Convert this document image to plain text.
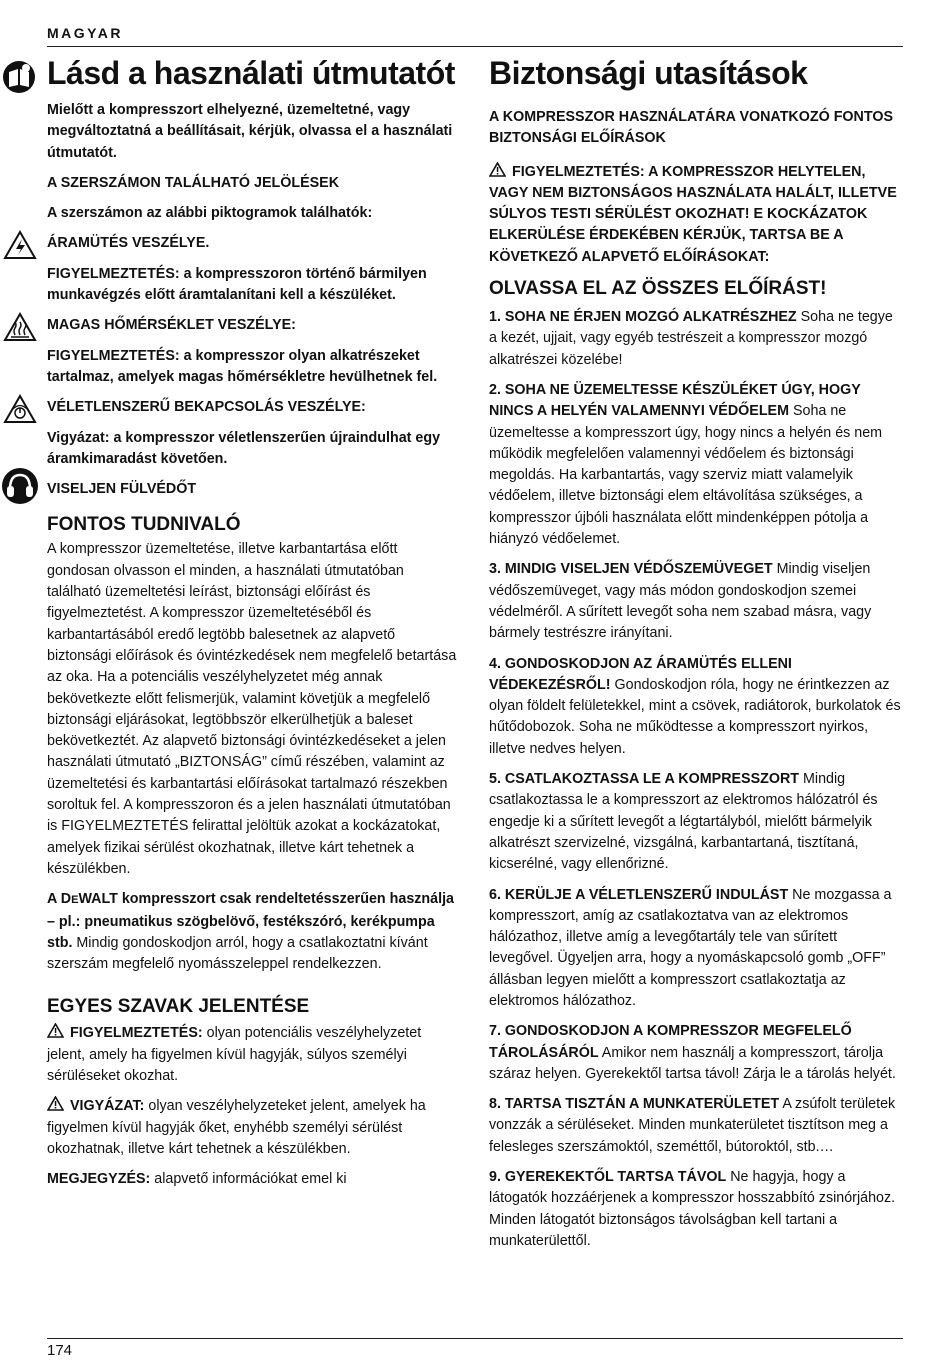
MAGYAR
Lásd a használati útmutatót

Mielőtt a kompresszort elhelyezné, üzemeltetné, vagy megváltoztatná a beállításait, kérjük, olvassa el a használati útmutatót.

A SZERSZÁMON TALÁLHATÓ JELÖLÉSEK

A szerszámon az alábbi piktogramok találhatók:

ÁRAMÜTÉS VESZÉLYE.

FIGYELMEZTETÉS: a kompresszoron történő bármilyen munkavégzés előtt áramtalanítani kell a készüléket.

MAGAS HŐMÉRSÉKLET VESZÉLYE:

FIGYELMEZTETÉS: a kompresszor olyan alkatrészeket tartalmaz, amelyek magas hőmérsékletre hevülhetnek fel.

VÉLETLENSZERŰ BEKAPCSOLÁS VESZÉLYE:

Vigyázat: a kompresszor véletlenszerűen újraindulhat egy áramkimaradást követően.

VISELJEN FÜLVÉDŐT

FONTOS TUDNIVALÓ

A kompresszor üzemeltetése, illetve karbantartása előtt gondosan olvasson el minden, a használati útmutatóban található üzemeltetési leírást, biztonsági előírást és figyelmeztetést. A kompresszor üzemeltetéséből és karbantartásából eredő legtöbb balesetnek az alapvető biztonsági előírások és óvintézkedések nem megfelelő betartása az oka. Ha a potenciális veszélyhelyzetet még annak bekövetkezte előtt felismerjük, valamint követjük a megfelelő biztonsági eljárásokat, legtöbbször elkerülhetjük a baleset bekövetkeztét. Az alapvető biztonsági óvintézkedéseket a jelen használati útmutató „BIZTONSÁG” című részében, valamint az üzemeltetési és karbantartási előírásokat tartalmazó részekben soroltuk fel. A kompresszoron és a jelen használati útmutatóban is FIGYELMEZTETÉS felirattal jelöltük azokat a kockázatokat, amelyek fizikai sérülést okozhatnak, illetve kárt tehetnek a készülékben.

A DEWALT kompresszort csak rendeltetésszerűen használja – pl.: pneumatikus szögbelövő, festékszóró, kerékpumpa stb. Mindig gondoskodjon arról, hogy a csatlakoztatni kívánt szerszám megfelelő nyomásszeleppel rendelkezzen.

EGYES SZAVAK JELENTÉSE

FIGYELMEZTETÉS: olyan potenciális veszélyhelyzetet jelent, amely ha figyelmen kívül hagyják, súlyos személyi sérüléseket okozhat.

VIGYÁZAT: olyan veszélyhelyzeteket jelent, amelyek ha figyelmen kívül hagyják őket, enyhébb személyi sérülést okozhatnak, illetve kárt tehetnek a készülékben.

MEGJEGYZÉS: alapvető információkat emel ki

Biztonsági utasítások

A KOMPRESSZOR HASZNÁLATÁRA VONATKOZÓ FONTOS BIZTONSÁGI ELŐÍRÁSOK

FIGYELMEZTETÉS: A KOMPRESSZOR HELYTELEN, VAGY NEM BIZTONSÁGOS HASZNÁLATA HALÁLT, ILLETVE SÚLYOS TESTI SÉRÜLÉST OKOZHAT! E KOCKÁZATOK ELKERÜLÉSE ÉRDEKÉBEN KÉRJÜK, TARTSA BE A KÖVETKEZŐ ALAPVETŐ ELŐÍRÁSOKAT:

OLVASSA EL AZ ÖSSZES ELŐÍRÁST!

1. SOHA NE ÉRJEN MOZGÓ ALKATRÉSZHEZ Soha ne tegye a kezét, ujjait, vagy egyéb testrészeit a kompresszor mozgó alkatrészei közelébe!

2. SOHA NE ÜZEMELTESSE KÉSZÜLÉKET ÚGY, HOGY NINCS A HELYÉN VALAMENNYI VÉDŐELEM Soha ne üzemeltesse a kompresszort úgy, hogy nincs a helyén és nem működik megfelelően valamennyi védőelem és biztonsági megoldás. Ha karbantartás, vagy szerviz miatt valamelyik védőelem, illetve biztonsági elem eltávolítása szükséges, a kompresszor újbóli használata előtt mindenképpen pótolja a hiányzó védőelemet.

3. MINDIG VISELJEN VÉDŐSZEMÜVEGET Mindig viseljen védőszemüveget, vagy más módon gondoskodjon szemei védelméről. A sűrített levegőt soha nem szabad másra, vagy bármely testrészre irányítani.

4. GONDOSKODJON AZ ÁRAMÜTÉS ELLENI VÉDEKEZÉSRŐL! Gondoskodjon róla, hogy ne érintkezzen az olyan földelt felületekkel, mint a csövek, radiátorok, burkolatok és hűtődobozok. Soha ne működtesse a kompresszort nyirkos, illetve nedves helyen.

5. CSATLAKOZTASSA LE A KOMPRESSZORT Mindig csatlakoztassa le a kompresszort az elektromos hálózatról és engedje ki a sűrített levegőt a légtartályból, mielőtt bármelyik alkatrészt szervizelné, vizsgálná, karbantartaná, tisztítaná, kicserélné, vagy ellenőrizné.

6. KERÜLJE A VÉLETLENSZERŰ INDULÁST Ne mozgassa a kompresszort, amíg az csatlakoztatva van az elektromos hálózathoz, illetve amíg a levegőtartály tele van sűrített levegővel. Ügyeljen arra, hogy a nyomáskapcsoló gomb „OFF” állásban legyen mielőtt a kompresszort csatlakoztatja az elektromos hálózathoz.

7. GONDOSKODJON A KOMPRESSZOR MEGFELELŐ TÁROLÁSÁRÓL Amikor nem használj a kompresszort, tárolja száraz helyen. Gyerekektől tartsa távol! Zárja le a tárolás helyét.

8. TARTSA TISZTÁN A MUNKATERÜLETET A zsúfolt területek vonzzák a sérüléseket. Minden munkaterületet tisztítson meg a felesleges szerszámoktól, szeméttől, bútoroktól, stb.…

9. GYEREKEKTŐL TARTSA TÁVOL Ne hagyja, hogy a látogatók hozzáérjenek a kompresszor hosszabbító zsinórjához. Minden látogatót biztonságos távolságban kell tartani a munkaterülettől.

174
